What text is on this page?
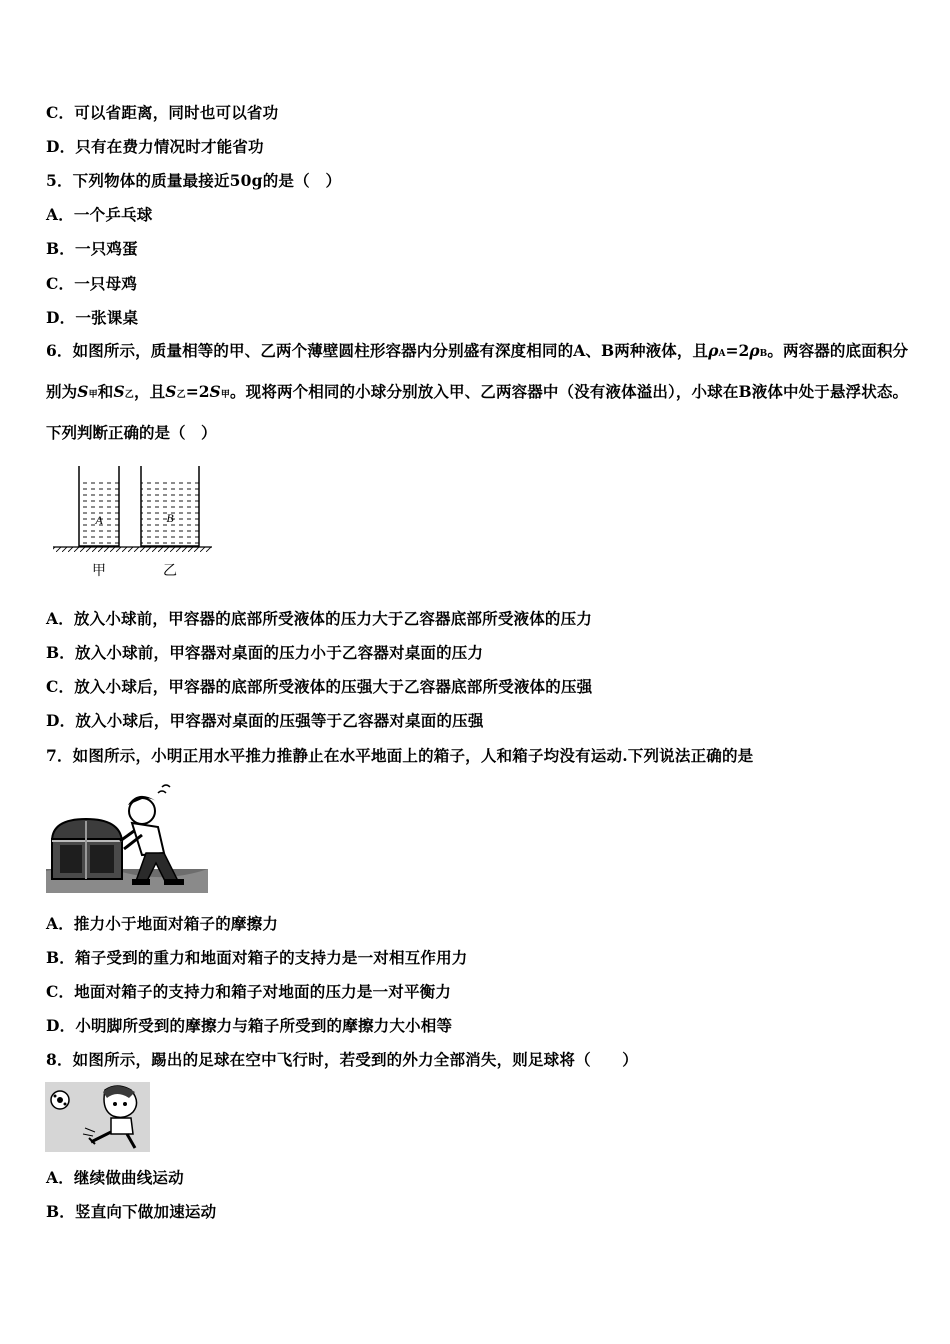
C．可以省距离，同时也可以省功
D．只有在费力情况时才能省功
5．下列物体的质量最接近50g的是（　）
A．一个乒乓球
B．一只鸡蛋
C．一只母鸡
D．一张课桌
6．如图所示，质量相等的甲、乙两个薄壁圆柱形容器内分别盛有深度相同的A、B两种液体，且ρA=2ρB。两容器的底面积分别为S甲和S乙，且S乙=2S甲。现将两个相同的小球分别放入甲、乙两容器中（没有液体溢出），小球在B液体中处于悬浮状态。下列判断正确的是（　）
A	B
甲	乙
A．放入小球前，甲容器的底部所受液体的压力大于乙容器底部所受液体的压力
B．放入小球前，甲容器对桌面的压力小于乙容器对桌面的压力
C．放入小球后，甲容器的底部所受液体的压强大于乙容器底部所受液体的压强
D．放入小球后，甲容器对桌面的压强等于乙容器对桌面的压强
7．如图所示，小明正用水平推力推静止在水平地面上的箱子，人和箱子均没有运动.下列说法正确的是
A．推力小于地面对箱子的摩擦力
B．箱子受到的重力和地面对箱子的支持力是一对相互作用力
C．地面对箱子的支持力和箱子对地面的压力是一对平衡力
D．小明脚所受到的摩擦力与箱子所受到的摩擦力大小相等
8．如图所示，踢出的足球在空中飞行时，若受到的外力全部消失，则足球将（　　）
A．继续做曲线运动
B．竖直向下做加速运动
